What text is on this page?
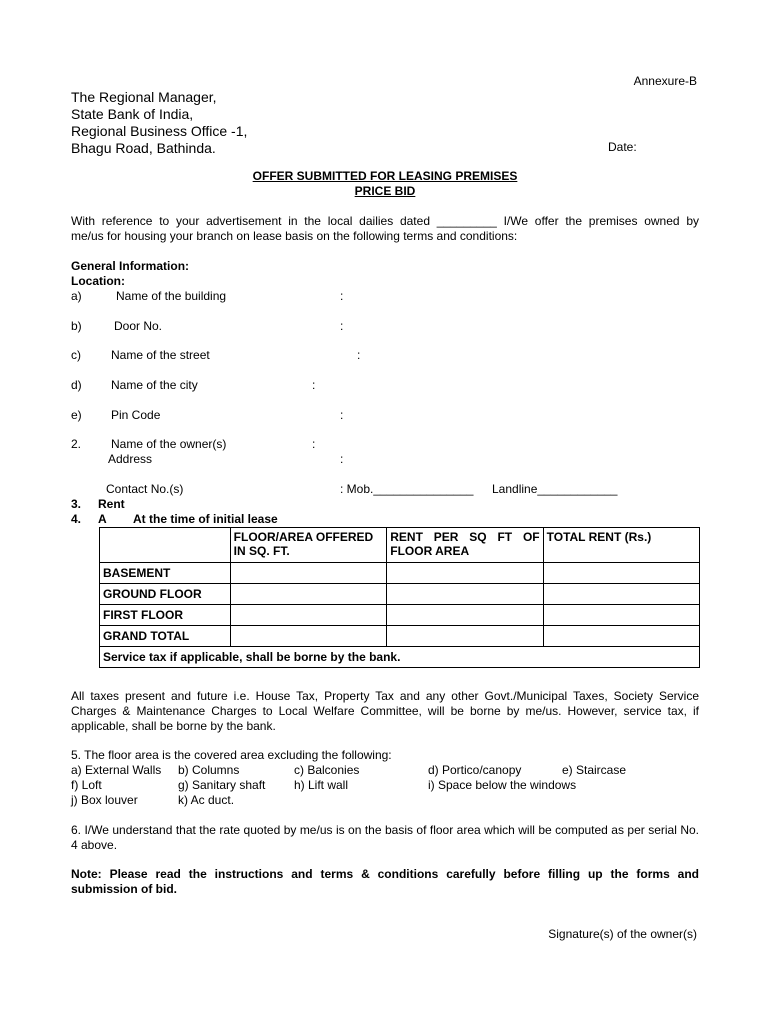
Annexure-B
The Regional Manager,
State Bank of India,
Regional Business Office -1,
Bhagu Road, Bathinda.	Date:
OFFER SUBMITTED FOR LEASING PREMISES
PRICE BID
With reference to your advertisement in the local dailies dated _________ I/We offer the premises owned by
me/us for housing your branch on lease basis on the following terms and conditions:
General Information:
Location:
a)	Name of the building	:
b)	Door No.	:
c)	Name of the street	:
d) Name of the city	:
e) Pin Code	:
2. Name of the owner(s)	:
Address	:
Contact No.(s)	: Mob._______________ Landline____________
3. Rent
4. A At the time of initial lease
	FLOOR/AREA OFFERED IN SQ. FT.	RENT PER SQ FT OF FLOOR AREA	TOTAL RENT (Rs.)
BASEMENT			
GROUND FLOOR			
FIRST FLOOR			
GRAND TOTAL			
Service tax if applicable, shall be borne by the bank.			
All taxes present and future i.e. House Tax, Property Tax and any other Govt./Municipal Taxes, Society Service Charges & Maintenance Charges to Local Welfare Committee, will be borne by me/us. However, service tax, if applicable, shall be borne by the bank.
5. The floor area is the covered area excluding the following:
a) External Walls b) Columns	c) Balconies	d) Portico/canopy	e) Staircase
f) Loft	g) Sanitary shaft h) Lift wall	i) Space below the windows
j) Box louver	k) Ac duct.
6. I/We understand that the rate quoted by me/us is on the basis of floor area which will be computed as per serial No. 4 above.
Note: Please read the instructions and terms & conditions carefully before filling up the forms and submission of bid.
Signature(s) of the owner(s)
